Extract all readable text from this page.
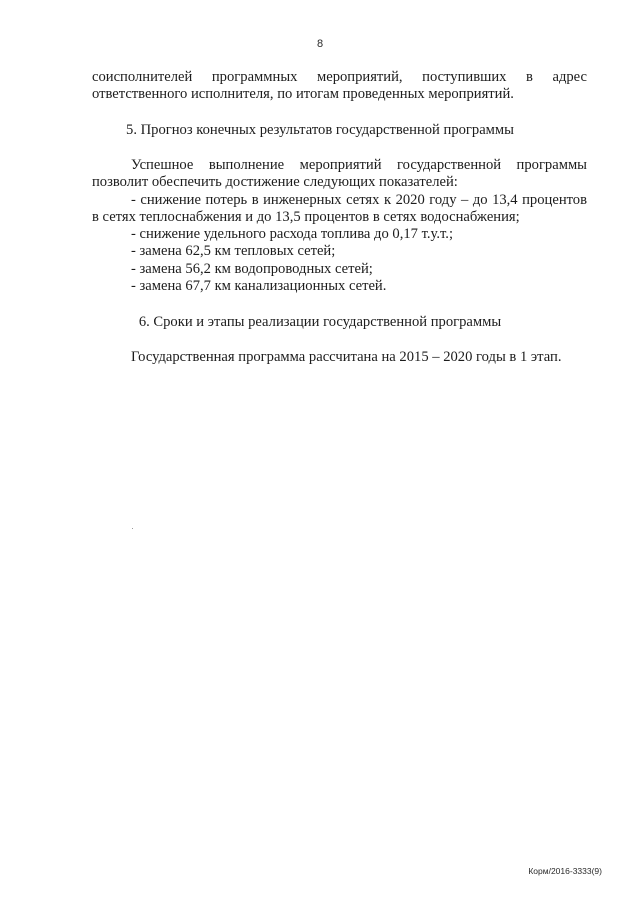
8
соисполнителей программных мероприятий, поступивших в адрес
ответственного исполнителя, по итогам проведенных мероприятий.
5. Прогноз конечных результатов государственной программы
Успешное выполнение мероприятий государственной программы
позволит обеспечить достижение следующих показателей:
- снижение потерь в инженерных сетях к 2020 году – до 13,4 процентов
в сетях теплоснабжения и до 13,5 процентов в сетях водоснабжения;
- снижение удельного расхода топлива до 0,17 т.у.т.;
- замена 62,5 км тепловых сетей;
- замена 56,2 км водопроводных сетей;
- замена 67,7 км канализационных сетей.
6. Сроки и этапы реализации государственной программы
Государственная программа рассчитана на 2015 – 2020 годы в 1 этап.
Корм/2016-3333(9)
